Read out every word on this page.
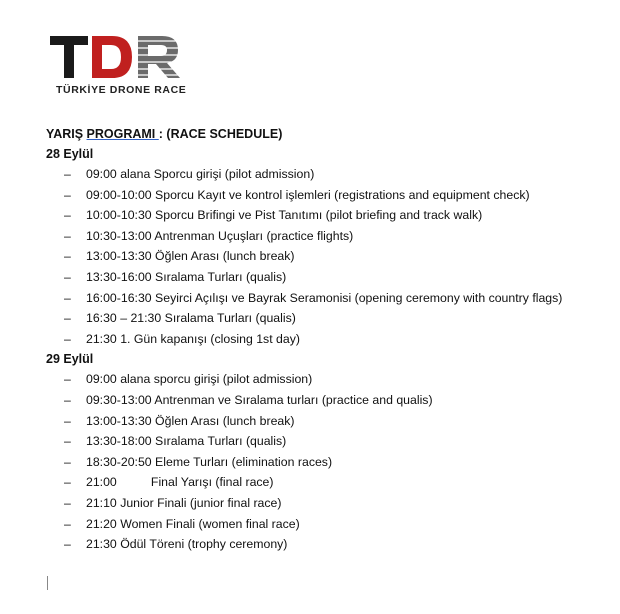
TÜRKİYE DRONE RACE
YARIŞ PROGRAMI : (RACE SCHEDULE)
28 Eylül
– 09:00 alana Sporcu girişi (pilot admission)
– 09:00-10:00 Sporcu Kayıt ve kontrol işlemleri (registrations and equipment check)
– 10:00-10:30 Sporcu Brifingi ve Pist Tanıtımı (pilot briefing and track walk)
– 10:30-13:00 Antrenman Uçuşları (practice flights)
– 13:00-13:30 Öğlen Arası (lunch break)
– 13:30-16:00 Sıralama Turları (qualis)
– 16:00-16:30 Seyirci Açılışı ve Bayrak Seramonisi (opening ceremony with country flags)
– 16:30 – 21:30 Sıralama Turları (qualis)
– 21:30 1. Gün kapanışı (closing 1st day)
29 Eylül
– 09:00 alana sporcu girişi (pilot admission)
– 09:30-13:00 Antrenman ve Sıralama turları (practice and qualis)
– 13:00-13:30 Öğlen Arası (lunch break)
– 13:30-18:00 Sıralama Turları (qualis)
– 18:30-20:50 Eleme Turları (elimination races)
– 21:00          Final Yarışı (final race)
– 21:10 Junior Finali (junior final race)
– 21:20 Women Finali (women final race)
– 21:30 Ödül Töreni (trophy ceremony)
